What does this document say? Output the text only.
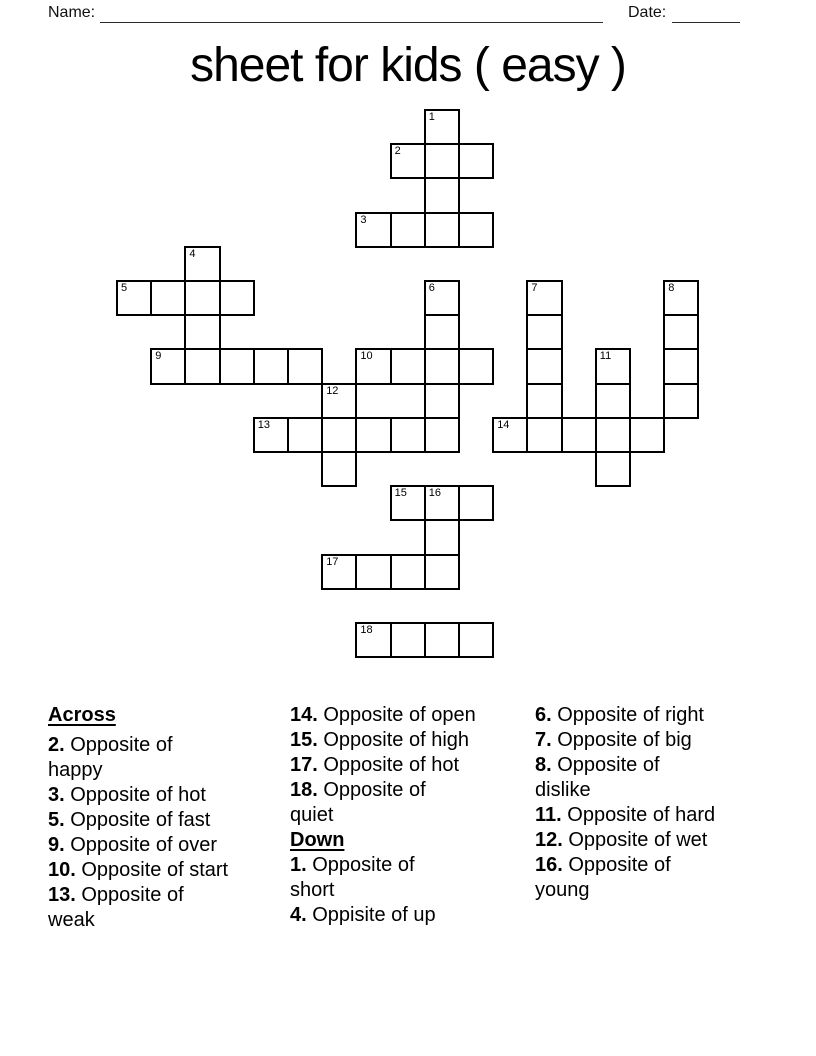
Name:	Date:
sheet for kids ( easy )
1
2
3
4
5	6	7	8
9	10	11
12
13	14
15 16
17
18
Across
2. Opposite of
happy
3. Opposite of hot
5. Opposite of fast
9. Opposite of over
10. Opposite of start
13. Opposite of
weak
14. Opposite of open
15. Opposite of high
17. Opposite of hot
18. Opposite of
quiet
Down
1. Opposite of
short
4. Oppisite of up
6. Opposite of right
7. Opposite of big
8. Opposite of
dislike
11. Opposite of hard
12. Opposite of wet
16. Opposite of
young
